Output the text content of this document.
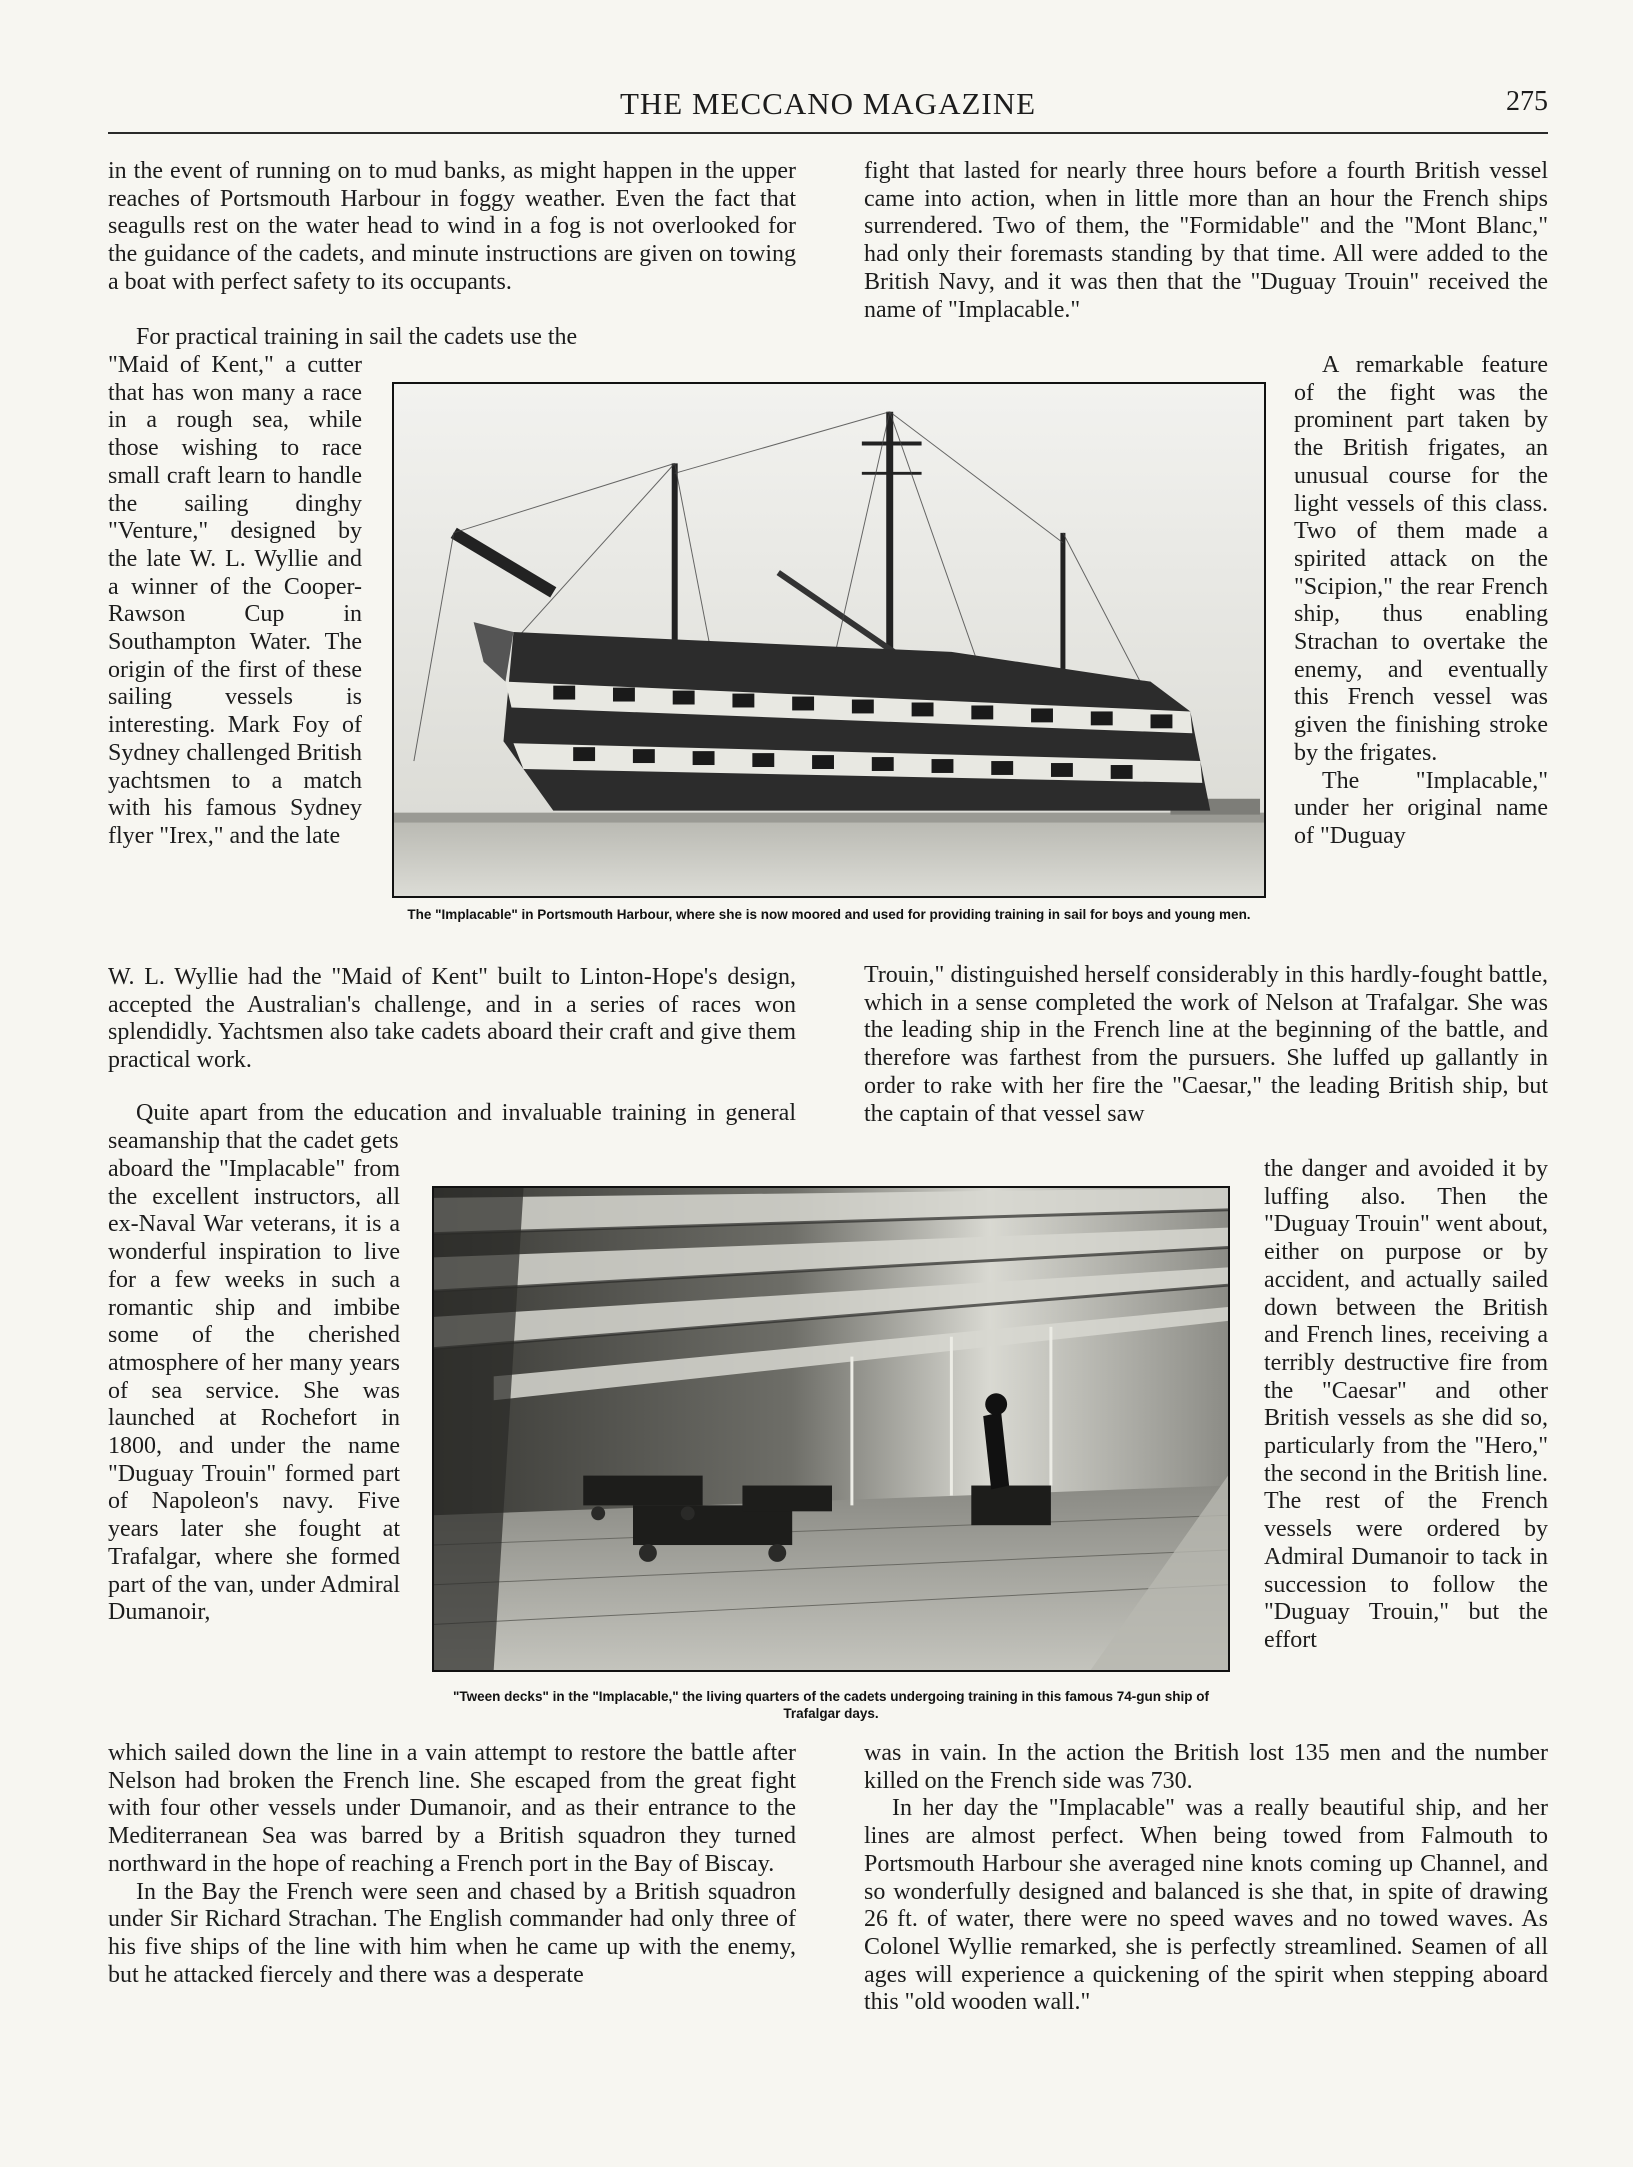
THE MECCANO MAGAZINE	275

in the event of running on to mud banks, as might happen in the upper reaches of Portsmouth Harbour in foggy weather. Even the fact that seagulls rest on the water head to wind in a fog is not overlooked for the guidance of the cadets, and minute instructions are given on towing a boat with perfect safety to its occupants.

For practical training in sail the cadets use the

"Maid of Kent," a cutter that has won many a race in a rough sea, while those wishing to race small craft learn to handle the sailing dinghy "Venture," designed by the late W. L. Wyllie and a winner of the Cooper-Rawson Cup in Southampton Water. The origin of the first of these sailing vessels is interesting. Mark Foy of Sydney challenged British yachtsmen to a match with his famous Sydney flyer "Irex," and the late

W. L. Wyllie had the "Maid of Kent" built to Linton-Hope's design, accepted the Australian's challenge, and in a series of races won splendidly. Yachtsmen also take cadets aboard their craft and give them practical work.

Quite apart from the education and invaluable training in general seamanship that the cadet gets

aboard the "Implacable" from the excellent instructors, all ex-Naval War veterans, it is a wonderful inspiration to live for a few weeks in such a romantic ship and imbibe some of the cherished atmosphere of her many years of sea service. She was launched at Rochefort in 1800, and under the name "Duguay Trouin" formed part of Napoleon's navy. Five years later she fought at Trafalgar, where she formed part of the van, under Admiral Dumanoir,

which sailed down the line in a vain attempt to restore the battle after Nelson had broken the French line. She escaped from the great fight with four other vessels under Dumanoir, and as their entrance to the Mediterranean Sea was barred by a British squadron they turned northward in the hope of reaching a French port in the Bay of Biscay.

In the Bay the French were seen and chased by a British squadron under Sir Richard Strachan. The English commander had only three of his five ships of the line with him when he came up with the enemy, but he attacked fiercely and there was a desperate

fight that lasted for nearly three hours before a fourth British vessel came into action, when in little more than an hour the French ships surrendered. Two of them, the "Formidable" and the "Mont Blanc," had only their foremasts standing by that time. All were added to the British Navy, and it was then that the "Duguay Trouin" received the name of "Implacable."

A remarkable feature of the fight was the prominent part taken by the British frigates, an unusual course for the light vessels of this class. Two of them made a spirited attack on the "Scipion," the rear French ship, thus enabling Strachan to overtake the enemy, and eventually this French vessel was given the finishing stroke by the frigates.

The "Implacable," under her original name of "Duguay

Trouin," distinguished herself considerably in this hardly-fought battle, which in a sense completed the work of Nelson at Trafalgar. She was the leading ship in the French line at the beginning of the battle, and therefore was farthest from the pursuers. She luffed up gallantly in order to rake with her fire the "Caesar," the leading British ship, but the captain of that vessel saw

the danger and avoided it by luffing also. Then the "Duguay Trouin" went about, either on purpose or by accident, and actually sailed down between the British and French lines, receiving a terribly destructive fire from the "Caesar" and other British vessels as she did so, particularly from the "Hero," the second in the British line. The rest of the French vessels were ordered by Admiral Dumanoir to tack in succession to follow the "Duguay Trouin," but the effort

was in vain. In the action the British lost 135 men and the number killed on the French side was 730.

In her day the "Implacable" was a really beautiful ship, and her lines are almost perfect. When being towed from Falmouth to Portsmouth Harbour she averaged nine knots coming up Channel, and so wonderfully designed and balanced is she that, in spite of drawing 26 ft. of water, there were no speed waves and no towed waves. As Colonel Wyllie remarked, she is perfectly streamlined. Seamen of all ages will experience a quickening of the spirit when stepping aboard this "old wooden wall."

The "Implacable" in Portsmouth Harbour, where she is now moored and used for providing training in sail for boys and young men.
"Tween decks" in the "Implacable," the living quarters of the cadets undergoing training in this famous 74-gun ship of Trafalgar days.
